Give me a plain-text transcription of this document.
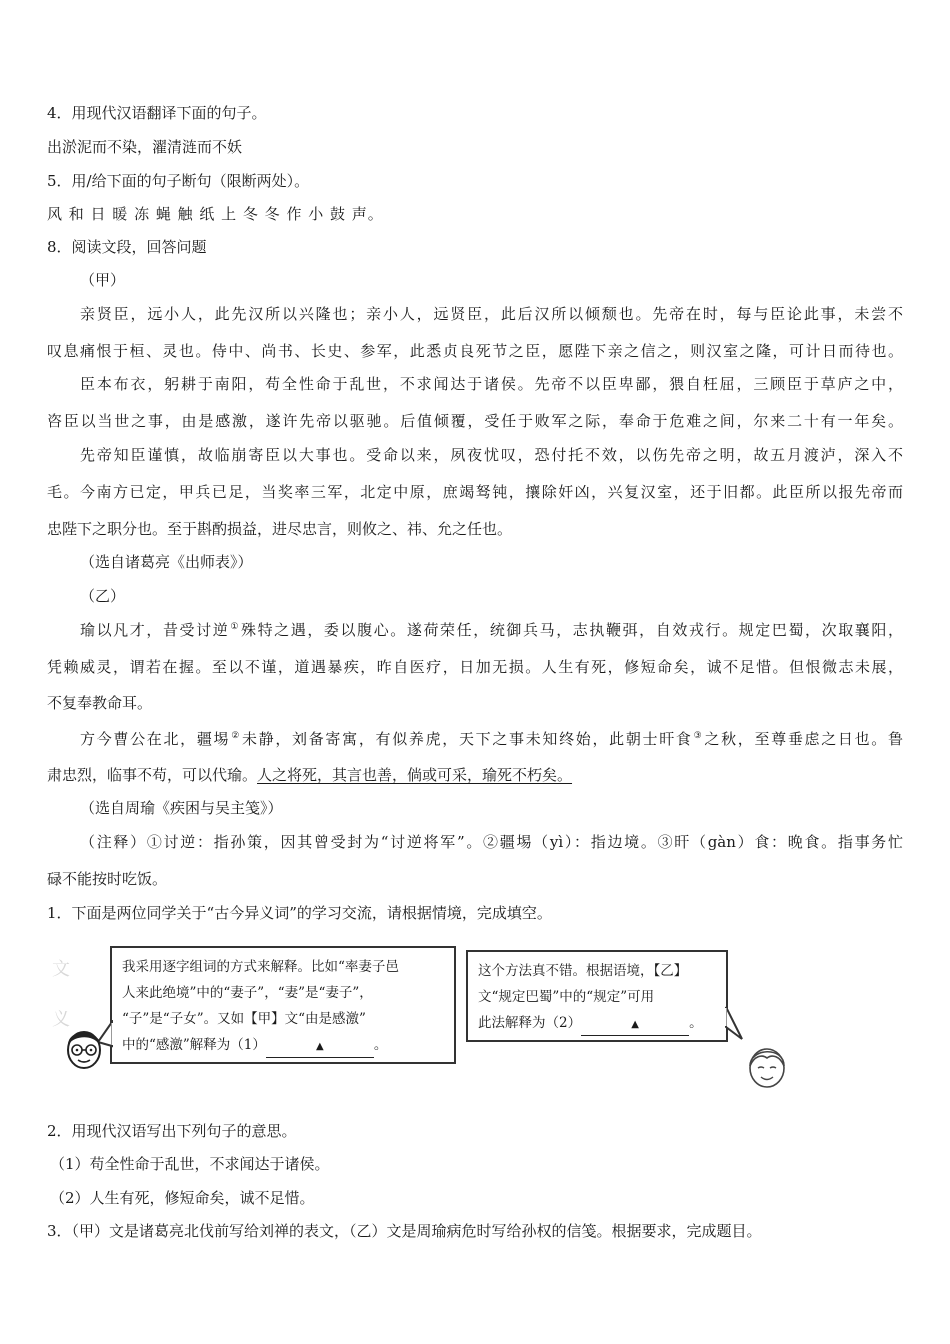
4．用现代汉语翻译下面的句子。
出淤泥而不染，濯清涟而不妖
5．用/给下面的句子断句（限断两处）。
风 和 日 暖 冻 蝇 触 纸 上 冬 冬 作 小 鼓 声。
8．阅读文段，回答问题
（甲）
亲贤臣，远小人，此先汉所以兴隆也；亲小人，远贤臣，此后汉所以倾颓也。先帝在时，每与臣论此事，未尝不
叹息痛恨于桓、灵也。侍中、尚书、长史、参军，此悉贞良死节之臣，愿陛下亲之信之，则汉室之隆，可计日而待也。
臣本布衣，躬耕于南阳，苟全性命于乱世，不求闻达于诸侯。先帝不以臣卑鄙，猥自枉屈，三顾臣于草庐之中，
咨臣以当世之事，由是感激，遂许先帝以驱驰。后值倾覆，受任于败军之际，奉命于危难之间，尔来二十有一年矣。
先帝知臣谨慎，故临崩寄臣以大事也。受命以来，夙夜忧叹，恐付托不效，以伤先帝之明，故五月渡泸，深入不
毛。今南方已定，甲兵已足，当奖率三军，北定中原，庶竭驽钝，攘除奸凶，兴复汉室，还于旧都。此臣所以报先帝而
忠陛下之职分也。至于斟酌损益，进尽忠言，则攸之、祎、允之任也。
（选自诸葛亮《出师表》）
（乙）
瑜以凡才，昔受讨逆①殊特之遇，委以腹心。遂荷荣任，统御兵马，志执鞭弭，自效戎行。规定巴蜀，次取襄阳，
凭赖威灵，谓若在握。至以不谨，道遇暴疾，昨自医疗，日加无损。人生有死，修短命矣，诚不足惜。但恨微志未展，
不复奉教命耳。
方今曹公在北，疆埸②未静，刘备寄寓，有似养虎，天下之事未知终始，此朝士旰食③之秋，至尊垂虑之日也。鲁
肃忠烈，临事不苟，可以代瑜。人之将死，其言也善，倘或可采，瑜死不朽矣。
（选自周瑜《疾困与吴主笺》）
（注释）①讨逆：指孙策，因其曾受封为“讨逆将军”。②疆埸（yì）：指边境。③旰（gàn）食：晚食。指事务忙
碌不能按时吃饭。
1．下面是两位同学关于“古今异义词”的学习交流，请根据情境，完成填空。
文
义
我采用逐字组词的方式来解释。比如“率妻子邑
人来此绝境”中的“妻子”，“妻”是“妻子”，
“子”是“子女”。又如【甲】文“由是感激”
中的“感激”解释为（1）	▲	。
这个方法真不错。根据语境，【乙】
文“规定巴蜀”中的“规定”可用
此法解释为（2）	▲	。
2．用现代汉语写出下列句子的意思。
（1）苟全性命于乱世，不求闻达于诸侯。
（2）人生有死，修短命矣，诚不足惜。
3．（甲）文是诸葛亮北伐前写给刘禅的表文，（乙）文是周瑜病危时写给孙权的信笺。根据要求，完成题目。
